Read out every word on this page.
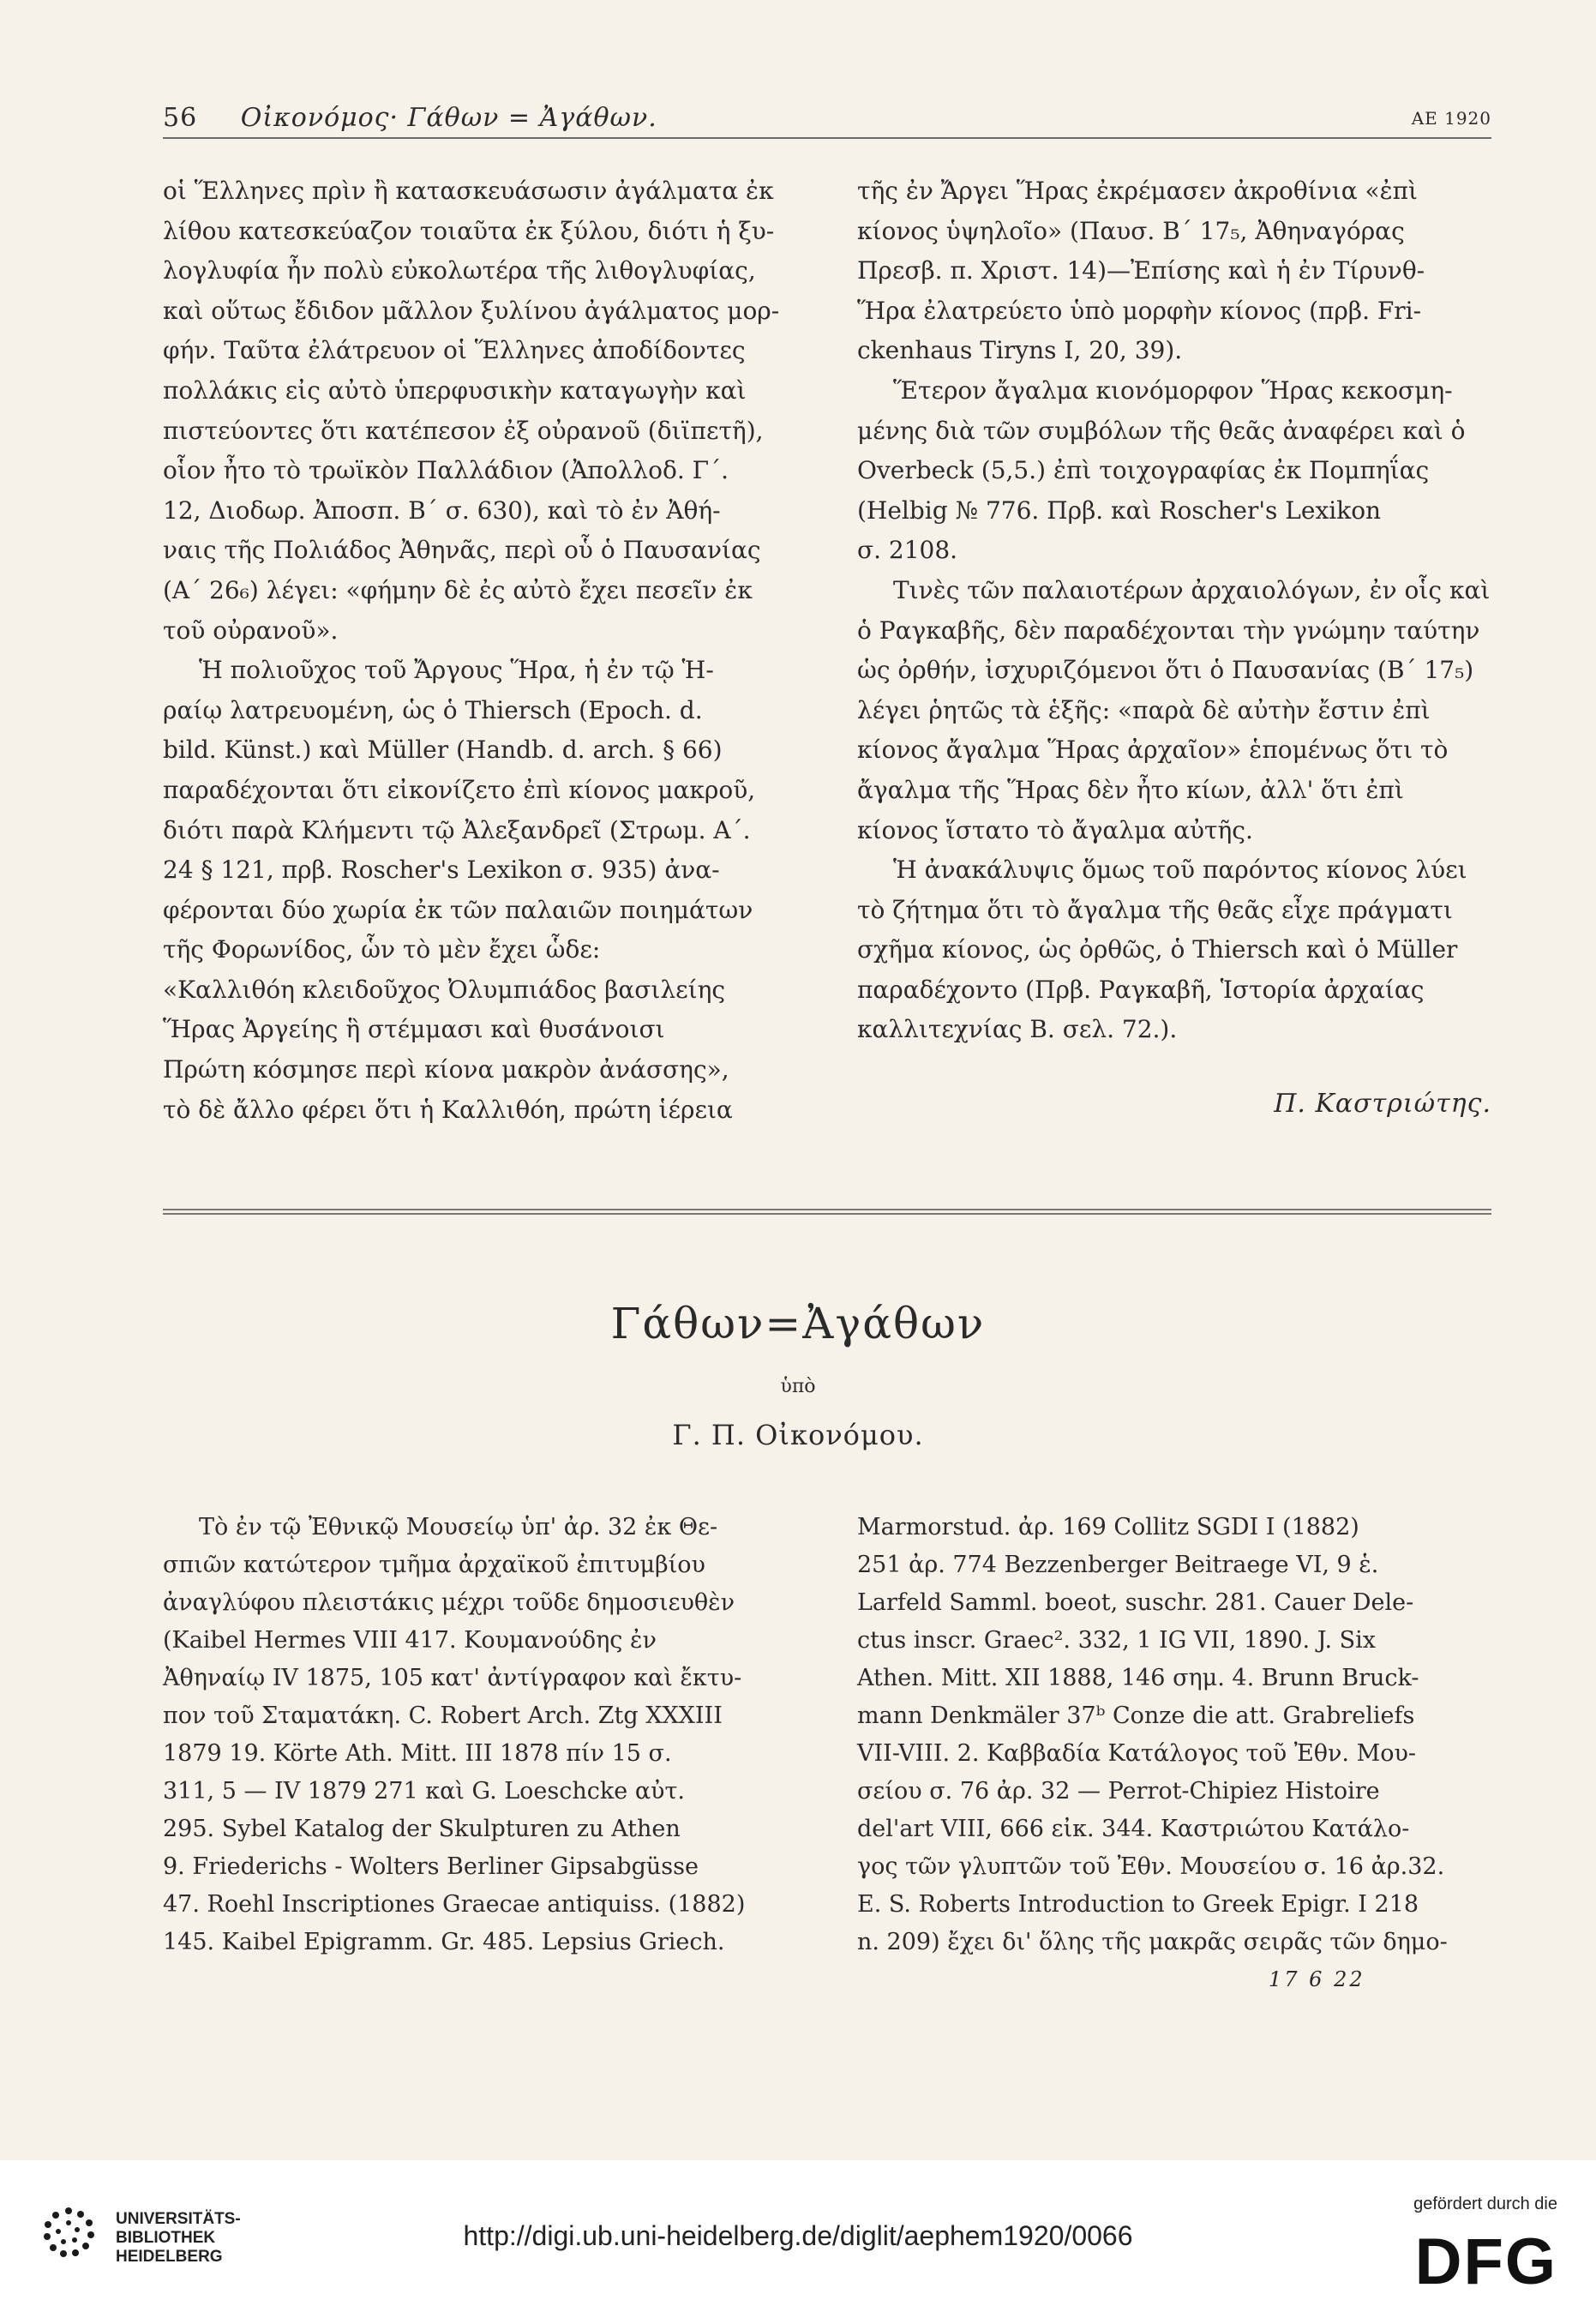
56 Οἰκονόμος· Γάθων = Ἀγάθων.	ΑΕ 1920
οἱ Ἕλληνες πρὶν ἢ κατασκευάσωσιν ἀγάλματα ἐκ
λίθου κατεσκεύαζον τοιαῦτα ἐκ ξύλου, διότι ἡ ξυ-
λογλυφία ἦν πολὺ εὐκολωτέρα τῆς λιθογλυφίας,
καὶ οὕτως ἔδιδον μᾶλλον ξυλίνου ἀγάλματος μορ-
φήν. Ταῦτα ἐλάτρευον οἱ Ἕλληνες ἀποδίδοντες
πολλάκις εἰς αὐτὸ ὑπερφυσικὴν καταγωγὴν καὶ
πιστεύοντες ὅτι κατέπεσον ἐξ οὐρανοῦ (διϊπετῆ),
οἷον ἦτο τὸ τρωϊκὸν Παλλάδιον (Ἀπολλοδ. Γ΄.
12, Διοδωρ. Ἀποσπ. Β΄ σ. 630), καὶ τὸ ἐν Ἀθή-
ναις τῆς Πολιάδος Ἀθηνᾶς, περὶ οὗ ὁ Παυσανίας
(Α΄ 26₆) λέγει: «φήμην δὲ ἐς αὐτὸ ἔχει πεσεῖν ἐκ
τοῦ οὐρανοῦ».
Ἡ πολιοῦχος τοῦ Ἄργους Ἥρα, ἡ ἐν τῷ Ἡ-
ραίῳ λατρευομένη, ὡς ὁ Thiersch (Epoch. d.
bild. Künst.) καὶ Müller (Handb. d. arch. § 66)
παραδέχονται ὅτι εἰκονίζετο ἐπὶ κίονος μακροῦ,
διότι παρὰ Κλήμεντι τῷ Ἀλεξανδρεῖ (Στρωμ. Α΄.
24 § 121, πρβ. Roscher's Lexikon σ. 935) ἀνα-
φέρονται δύο χωρία ἐκ τῶν παλαιῶν ποιημάτων
τῆς Φορωνίδος, ὧν τὸ μὲν ἔχει ὧδε:
«Καλλιθόη κλειδοῦχος Ὀλυμπιάδος βασιλείης
Ἥρας Ἀργείης ἣ στέμμασι καὶ θυσάνοισι
Πρώτη κόσμησε περὶ κίονα μακρὸν ἀνάσσης»,
τὸ δὲ ἄλλο φέρει ὅτι ἡ Καλλιθόη, πρώτη ἱέρεια
τῆς ἐν Ἄργει Ἥρας ἐκρέμασεν ἀκροθίνια «ἐπὶ
κίονος ὑψηλοῖο» (Παυσ. Β΄ 17₅, Ἀθηναγόρας
Πρεσβ. π. Χριστ. 14)—Ἐπίσης καὶ ἡ ἐν Τίρυνθ-
Ἥρα ἐλατρεύετο ὑπὸ μορφὴν κίονος (πρβ. Fri-
ckenhaus Tiryns I, 20, 39).
Ἕτερον ἄγαλμα κιονόμορφον Ἥρας κεκοσμη-
μένης διὰ τῶν συμβόλων τῆς θεᾶς ἀναφέρει καὶ ὁ
Overbeck (5,5.) ἐπὶ τοιχογραφίας ἐκ Πομπηΐας
(Helbig № 776. Πρβ. καὶ Roscher's Lexikon
σ. 2108.
Τινὲς τῶν παλαιοτέρων ἀρχαιολόγων, ἐν οἷς καὶ
ὁ Ραγκαβῆς, δὲν παραδέχονται τὴν γνώμην ταύτην
ὡς ὀρθήν, ἰσχυριζόμενοι ὅτι ὁ Παυσανίας (Β΄ 17₅)
λέγει ῥητῶς τὰ ἑξῆς: «παρὰ δὲ αὐτὴν ἔστιν ἐπὶ
κίονος ἄγαλμα Ἥρας ἀρχαῖον» ἑπομένως ὅτι τὸ
ἄγαλμα τῆς Ἥρας δὲν ἦτο κίων, ἀλλ' ὅτι ἐπὶ
κίονος ἵστατο τὸ ἄγαλμα αὐτῆς.
Ἡ ἀνακάλυψις ὅμως τοῦ παρόντος κίονος λύει
τὸ ζήτημα ὅτι τὸ ἄγαλμα τῆς θεᾶς εἶχε πράγματι
σχῆμα κίονος, ὡς ὀρθῶς, ὁ Thiersch καὶ ὁ Müller
παραδέχοντο (Πρβ. Ραγκαβῆ, Ἱστορία ἀρχαίας
καλλιτεχνίας Β. σελ. 72.).
Π. Καστριώτης.
Γάθων=Ἀγάθων
ὑπὸ
Γ. Π. Οἰκονόμου.
Τὸ ἐν τῷ Ἐθνικῷ Μουσείῳ ὑπ' ἀρ. 32 ἐκ Θε-
σπιῶν κατώτερον τμῆμα ἀρχαϊκοῦ ἐπιτυμβίου
ἀναγλύφου πλειστάκις μέχρι τοῦδε δημοσιευθὲν
(Kaibel Hermes VIII 417. Κουμανούδης ἐν
Ἀθηναίῳ IV 1875, 105 κατ' ἀντίγραφον καὶ ἔκτυ-
πον τοῦ Σταματάκη. C. Robert Arch. Ztg XXXIII
1879 19. Körte Ath. Mitt. III 1878 πίν 15 σ.
311, 5 — IV 1879 271 καὶ G. Loeschcke αὐτ.
295. Sybel Katalog der Skulpturen zu Athen
9. Friederichs - Wolters Berliner Gipsabgüsse
47. Roehl Inscriptiones Graecae antiquiss. (1882)
145. Kaibel Epigramm. Gr. 485. Lepsius Griech.
Marmorstud. ἀρ. 169 Collitz SGDI I (1882)
251 ἀρ. 774 Bezzenberger Beitraege VI, 9 ἑ.
Larfeld Samml. boeot, suschr. 281. Cauer Dele-
ctus inscr. Graec². 332, 1 IG VII, 1890. J. Six
Athen. Mitt. XII 1888, 146 σημ. 4. Brunn Bruck-
mann Denkmäler 37ᵇ Conze die att. Grabreliefs
VII-VIII. 2. Καββαδία Κατάλογος τοῦ Ἐθν. Μου-
σείου σ. 76 ἀρ. 32 — Perrot-Chipiez Histoire
del'art VIII, 666 εἰκ. 344. Καστριώτου Κατάλο-
γος τῶν γλυπτῶν τοῦ Ἐθν. Μουσείου σ. 16 ἀρ.32.
E. S. Roberts Introduction to Greek Epigr. I 218
n. 209) ἔχει δι' ὅλης τῆς μακρᾶς σειρᾶς τῶν δημο-
17 6 22
UNIVERSITÄTS-
BIBLIOTHEK
HEIDELBERG
http://digi.ub.uni-heidelberg.de/diglit/aephem1920/0066
gefördert durch die
DFG
